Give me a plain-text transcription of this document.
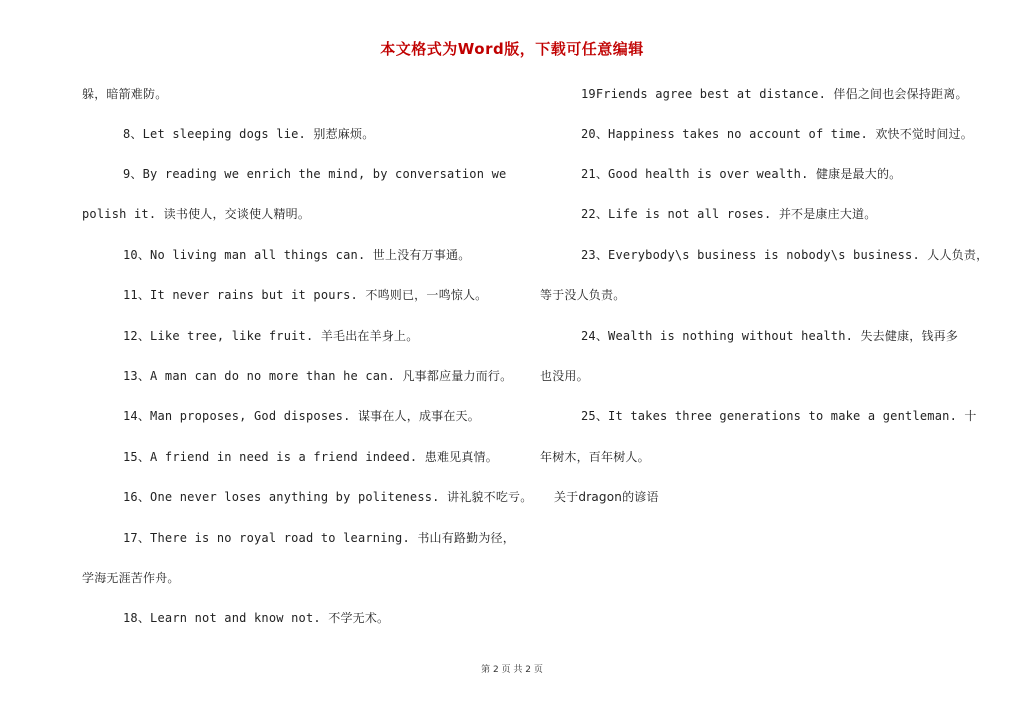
本文格式为Word版，下载可任意编辑
躲，暗箭难防。
8、Let sleeping dogs lie. 别惹麻烦。
9、By reading we enrich the mind, by conversation we
polish it. 读书使人，交谈使人精明。
10、No living man all things can. 世上没有万事通。
11、It never rains but it pours. 不鸣则已，一鸣惊人。
12、Like tree, like fruit. 羊毛出在羊身上。
13、A man can do no more than he can. 凡事都应量力而行。
14、Man proposes, God disposes. 谋事在人，成事在天。
15、A friend in need is a friend indeed. 患难见真情。
16、One never loses anything by politeness. 讲礼貌不吃亏。
17、There is no royal road to learning. 书山有路勤为径，
学海无涯苦作舟。
18、Learn not and know not. 不学无术。
19Friends agree best at distance. 伴侣之间也会保持距离。
20、Happiness takes no account of time. 欢快不觉时间过。
21、Good health is over wealth. 健康是最大的。
22、Life is not all roses. 并不是康庄大道。
23、Everybody\s business is nobody\s business. 人人负责，
等于没人负责。
24、Wealth is nothing without health. 失去健康，钱再多
也没用。
25、It takes three generations to make a gentleman. 十
年树木，百年树人。
关于dragon的谚语
第 2 页 共 2 页
